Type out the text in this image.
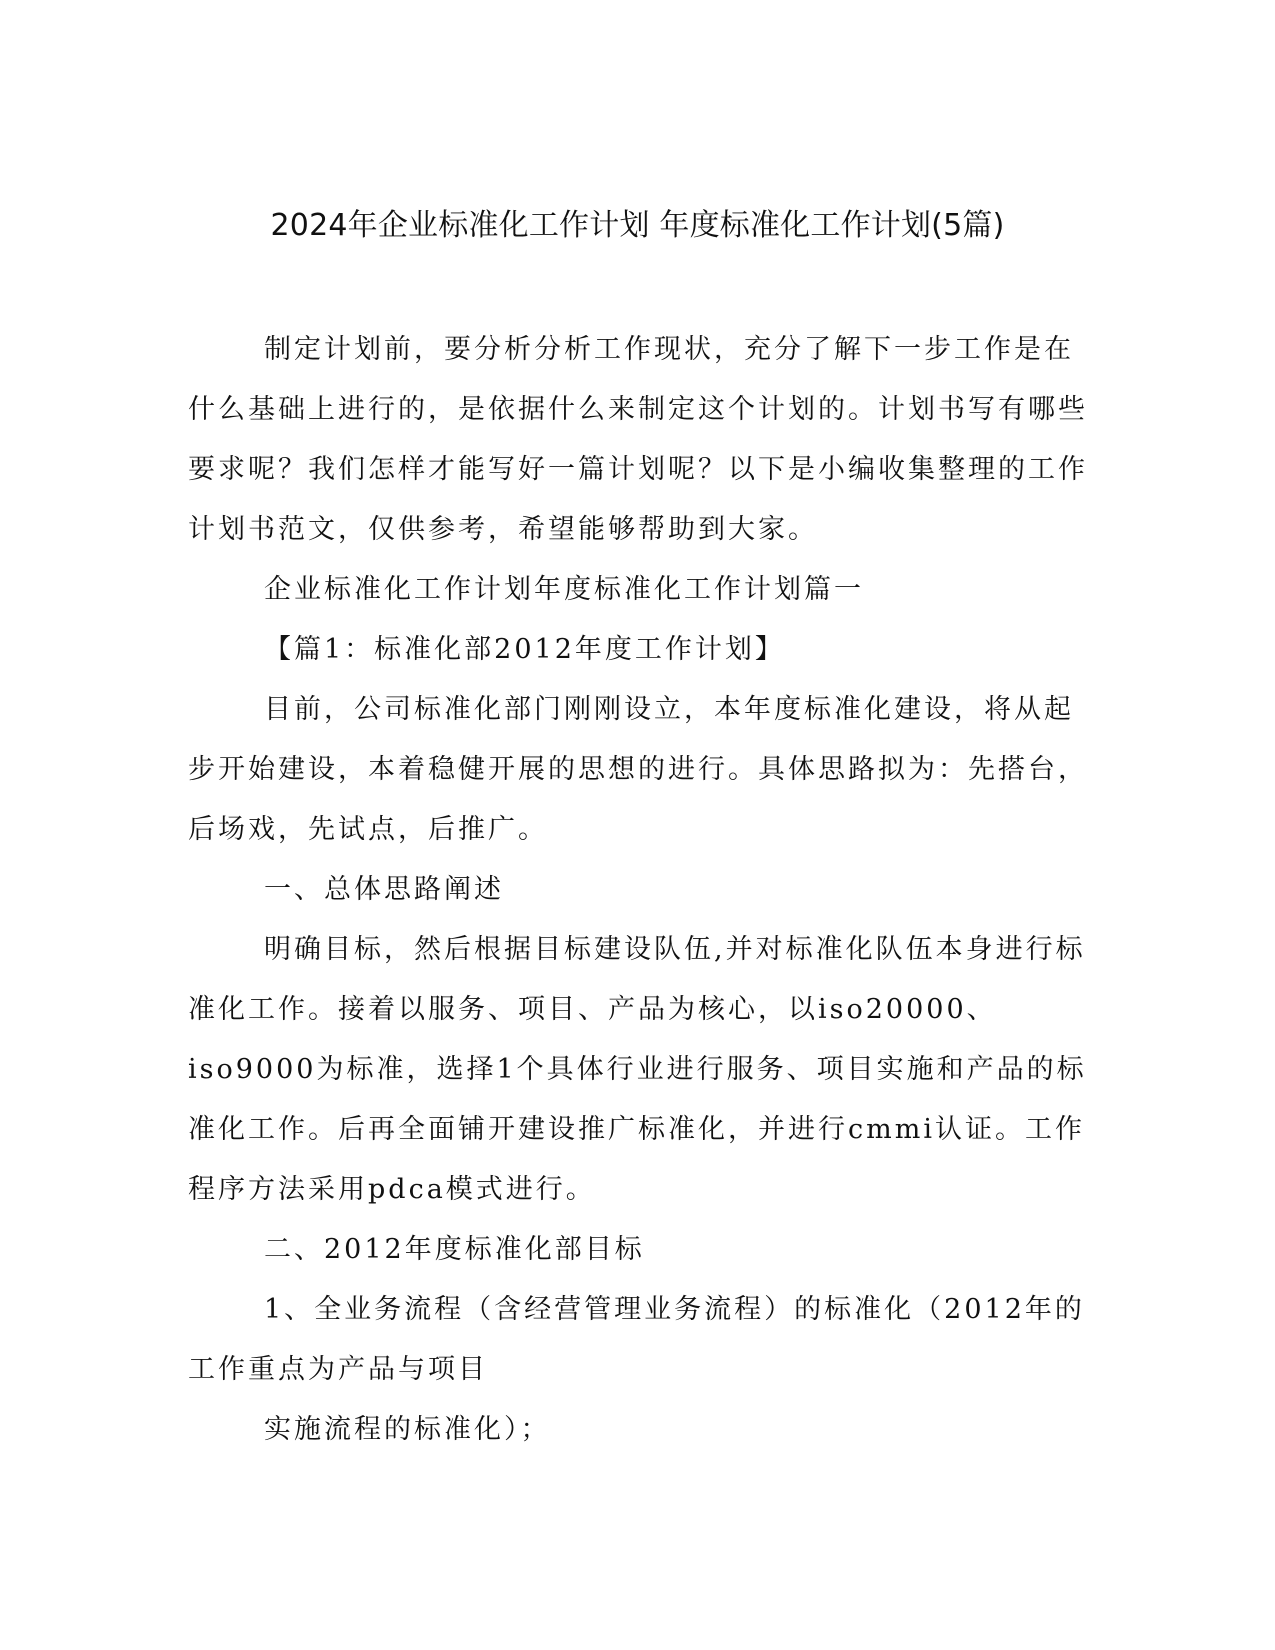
2024年企业标准化工作计划 年度标准化工作计划(5篇)

制定计划前，要分析分析工作现状，充分了解下一步工作是在什么基础上进行的，是依据什么来制定这个计划的。计划书写有哪些要求呢？我们怎样才能写好一篇计划呢？以下是小编收集整理的工作计划书范文，仅供参考，希望能够帮助到大家。

企业标准化工作计划年度标准化工作计划篇一

【篇1：标准化部2012年度工作计划】

目前，公司标准化部门刚刚设立，本年度标准化建设，将从起步开始建设，本着稳健开展的思想的进行。具体思路拟为：先搭台，后场戏，先试点，后推广。

一、总体思路阐述

明确目标，然后根据目标建设队伍,并对标准化队伍本身进行标准化工作。接着以服务、项目、产品为核心，以iso20000、iso9000为标准，选择1个具体行业进行服务、项目实施和产品的标准化工作。后再全面铺开建设推广标准化，并进行cmmi认证。工作程序方法采用pdca模式进行。

二、2012年度标准化部目标

1、全业务流程（含经营管理业务流程）的标准化（2012年的工作重点为产品与项目

实施流程的标准化）；
